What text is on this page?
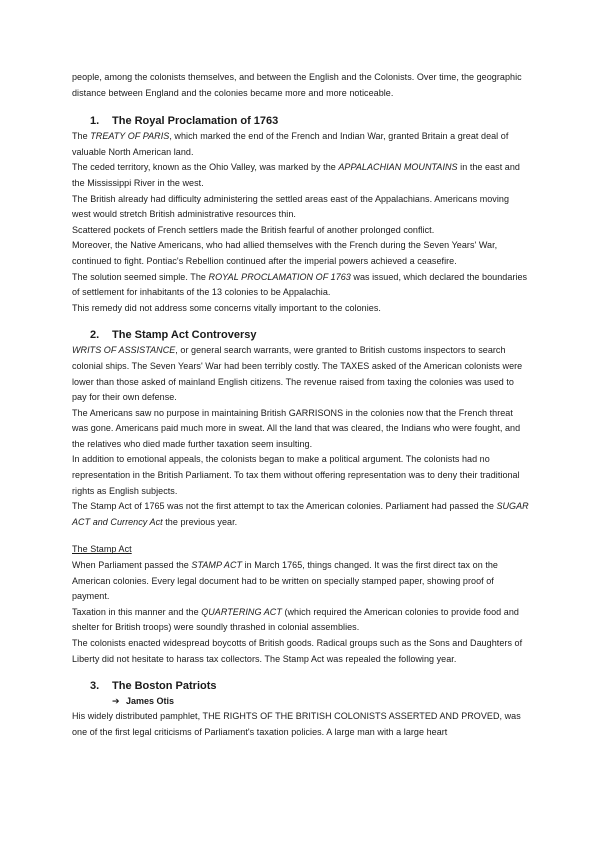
people, among the colonists themselves, and between the English and the Colonists. Over time, the geographic distance between England and the colonies became more and more noticeable.

1. The Royal Proclamation of 1763

The TREATY OF PARIS, which marked the end of the French and Indian War, granted Britain a great deal of valuable North American land.

The ceded territory, known as the Ohio Valley, was marked by the APPALACHIAN MOUNTAINS in the east and the Mississippi River in the west.

The British already had difficulty administering the settled areas east of the Appalachians. Americans moving west would stretch British administrative resources thin.

Scattered pockets of French settlers made the British fearful of another prolonged conflict.

Moreover, the Native Americans, who had allied themselves with the French during the Seven Years' War, continued to fight. Pontiac's Rebellion continued after the imperial powers achieved a ceasefire.

The solution seemed simple. The ROYAL PROCLAMATION OF 1763 was issued, which declared the boundaries of settlement for inhabitants of the 13 colonies to be Appalachia.

This remedy did not address some concerns vitally important to the colonies.

2. The Stamp Act Controversy

WRITS OF ASSISTANCE, or general search warrants, were granted to British customs inspectors to search colonial ships. The Seven Years' War had been terribly costly. The TAXES asked of the American colonists were lower than those asked of mainland English citizens. The revenue raised from taxing the colonies was used to pay for their own defense.

The Americans saw no purpose in maintaining British GARRISONS in the colonies now that the French threat was gone. Americans paid much more in sweat. All the land that was cleared, the Indians who were fought, and the relatives who died made further taxation seem insulting.

In addition to emotional appeals, the colonists began to make a political argument. The colonists had no representation in the British Parliament. To tax them without offering representation was to deny their traditional rights as English subjects.

The Stamp Act of 1765 was not the first attempt to tax the American colonies. Parliament had passed the SUGAR ACT and Currency Act the previous year.

The Stamp Act

When Parliament passed the STAMP ACT in March 1765, things changed. It was the first direct tax on the American colonies. Every legal document had to be written on specially stamped paper, showing proof of payment.

Taxation in this manner and the QUARTERING ACT (which required the American colonies to provide food and shelter for British troops) were soundly thrashed in colonial assemblies.

The colonists enacted widespread boycotts of British goods. Radical groups such as the Sons and Daughters of Liberty did not hesitate to harass tax collectors. The Stamp Act was repealed the following year.

3. The Boston Patriots
➔ James Otis

His widely distributed pamphlet, THE RIGHTS OF THE BRITISH COLONISTS ASSERTED AND PROVED, was one of the first legal criticisms of Parliament's taxation policies. A large man with a large heart
